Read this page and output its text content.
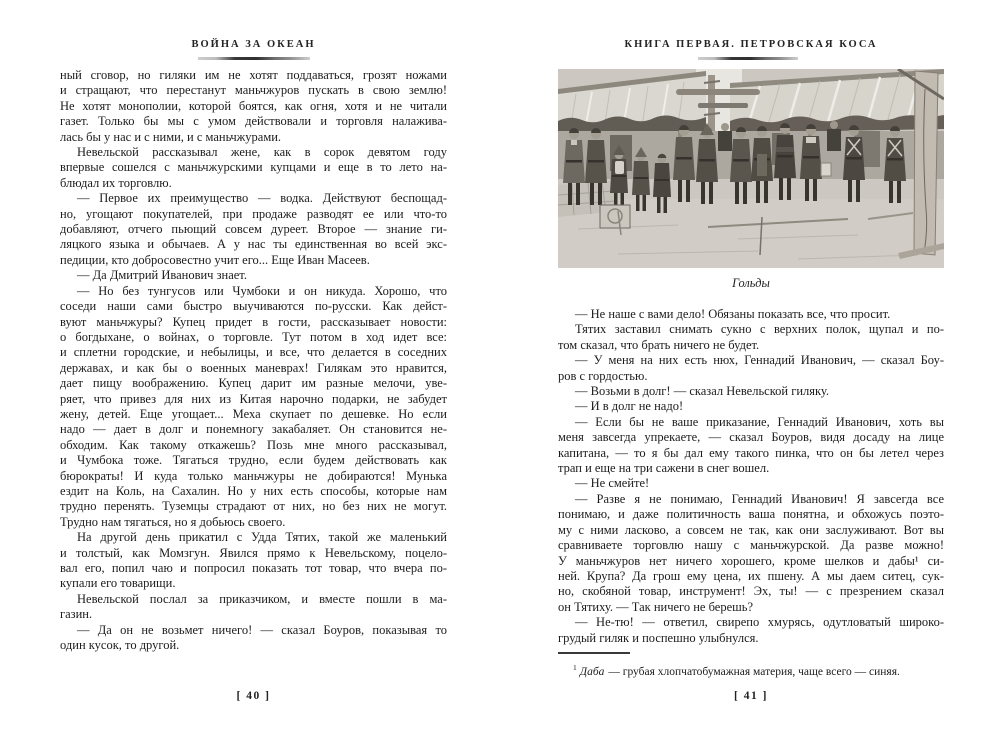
ВОЙНА ЗА ОКЕАН	КНИГА ПЕРВАЯ. ПЕТРОВСКАЯ КОСА
ный сговор, но гиляки им не хотят поддаваться, грозят ножами
и стращают, что перестанут маньчжуров пускать в свою землю!
Не хотят монополии, которой боятся, как огня, хотя и не читали
газет. Только бы мы с умом действовали и торговля налажива-
лась бы у нас и с ними, и с маньчжурами.
Невельской рассказывал жене, как в сорок девятом году
впервые сошелся с маньчжурскими купцами и еще в то лето на-
блюдал их торговлю.
— Первое их преимущество — водка. Действуют беспощад-
но, угощают покупателей, при продаже разводят ее или что-то
добавляют, отчего пьющий совсем дуреет. Второе — знание ги-
ляцкого языка и обычаев. А у нас ты единственная во всей экс-
педиции, кто добросовестно учит его... Еще Иван Масеев.
— Да Дмитрий Иванович знает.
— Но без тунгусов или Чумбоки и он никуда. Хорошо, что
соседи наши сами быстро выучиваются по-русски. Как дейст-
вуют маньчжуры? Купец придет в гости, рассказывает новости:
о богдыхане, о войнах, о торговле. Тут потом в ход идет все:
и сплетни городские, и небылицы, и все, что делается в соседних
державах, и как бы о военных маневрах! Гилякам это нравится,
дает пищу воображению. Купец дарит им разные мелочи, уве-
ряет, что привез для них из Китая нарочно подарки, не забудет
жену, детей. Еще угощает... Меха скупает по дешевке. Но если
надо — дает в долг и понемногу закабаляет. Он становится не-
обходим. Как такому откажешь? Позь мне много рассказывал,
и Чумбока тоже. Тягаться трудно, если будем действовать как
бюрократы! И куда только маньчжуры не добираются! Мунька
ездит на Коль, на Сахалин. Но у них есть способы, которые нам
трудно перенять. Туземцы страдают от них, но без них не могут.
Трудно нам тягаться, но я добьюсь своего.
На другой день прикатил с Удда Тятих, такой же маленький
и толстый, как Момзгун. Явился прямо к Невельскому, поцело-
вал его, попил чаю и попросил показать тот товар, что вчера по-
купали его товарищи.
Невельской послал за приказчиком, и вместе пошли в ма-
газин.
— Да он не возьмет ничего! — сказал Боуров, показывая то
один кусок, то другой.
Гольды
— Не наше с вами дело! Обязаны показать все, что просит.
Тятих заставил снимать сукно с верхних полок, щупал и по-
том сказал, что брать ничего не будет.
— У меня на них есть нюх, Геннадий Иванович, — сказал Боу-
ров с гордостью.
— Возьми в долг! — сказал Невельской гиляку.
— И в долг не надо!
— Если бы не ваше приказание, Геннадий Иванович, хоть вы
меня завсегда упрекаете, — сказал Боуров, видя досаду на лице
капитана, — то я бы дал ему такого пинка, что он бы летел через
трап и еще на три сажени в снег вошел.
— Не смейте!
— Разве я не понимаю, Геннадий Иванович! Я завсегда все
понимаю, и даже политичность ваша понятна, и обхожусь поэто-
му с ними ласково, а совсем не так, как они заслуживают. Вот вы
сравниваете торговлю нашу с маньчжурской. Да разве можно!
У маньчжуров нет ничего хорошего, кроме шелков и дабы¹ си-
ней. Крупа? Да грош ему цена, их пшену. А мы даем ситец, сук-
но, скобяной товар, инструмент! Эх, ты! — с презрением сказал
он Тятиху. — Так ничего не берешь?
— Не-тю! — ответил, свирепо хмурясь, одутловатый широко-
грудый гиляк и поспешно улыбнулся.
$^1$ Даба — грубая хлопчатобумажная материя, чаще всего — синяя.
[ 40 ]	[ 41 ]
